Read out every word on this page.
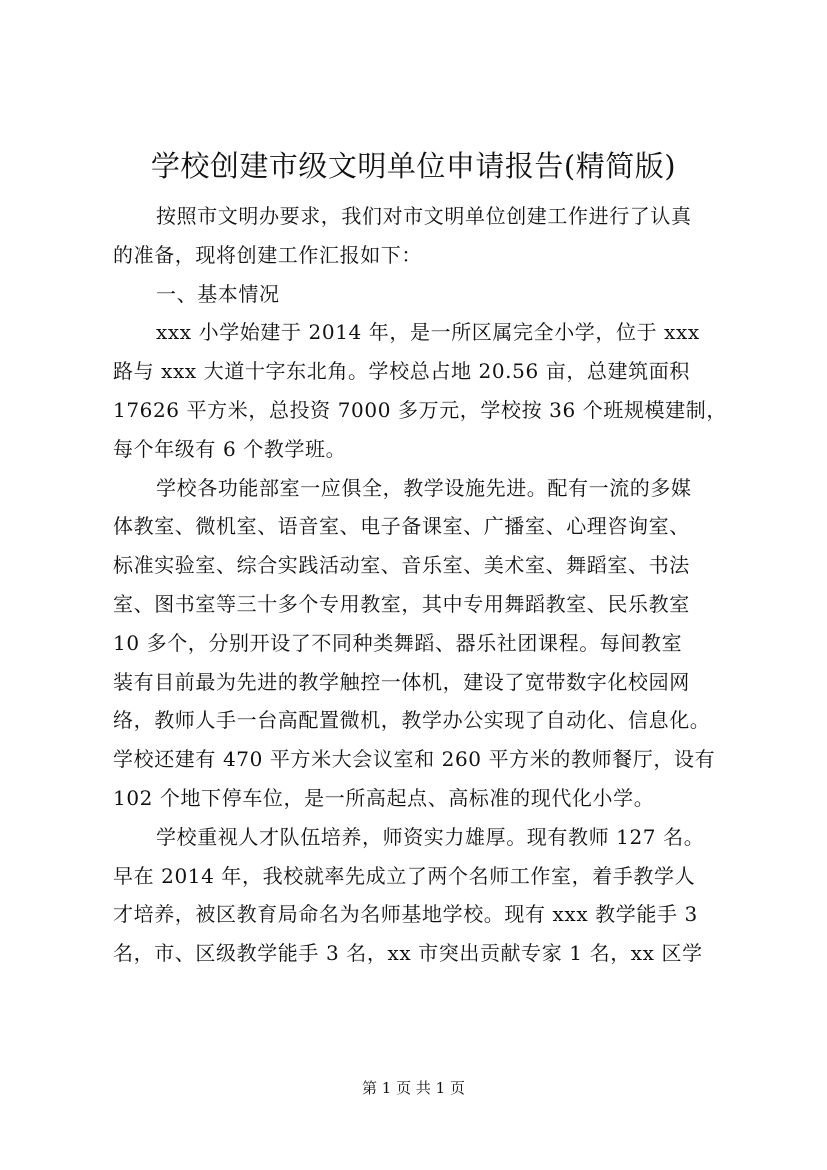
学校创建市级文明单位申请报告(精简版)
按照市文明办要求，我们对市文明单位创建工作进行了认真
的准备，现将创建工作汇报如下：
一、基本情况
xxx 小学始建于 2014 年，是一所区属完全小学，位于 xxx
路与 xxx 大道十字东北角。学校总占地 20.56 亩，总建筑面积
17626 平方米，总投资 7000 多万元，学校按 36 个班规模建制，
每个年级有 6 个教学班。
学校各功能部室一应俱全，教学设施先进。配有一流的多媒
体教室、微机室、语音室、电子备课室、广播室、心理咨询室、
标准实验室、综合实践活动室、音乐室、美术室、舞蹈室、书法
室、图书室等三十多个专用教室，其中专用舞蹈教室、民乐教室
10 多个，分别开设了不同种类舞蹈、器乐社团课程。每间教室
装有目前最为先进的教学触控一体机，建设了宽带数字化校园网
络，教师人手一台高配置微机，教学办公实现了自动化、信息化。
学校还建有 470 平方米大会议室和 260 平方米的教师餐厅，设有
102 个地下停车位，是一所高起点、高标准的现代化小学。
学校重视人才队伍培养，师资实力雄厚。现有教师 127 名。
早在 2014 年，我校就率先成立了两个名师工作室，着手教学人
才培养，被区教育局命名为名师基地学校。现有 xxx 教学能手 3
名，市、区级教学能手 3 名，xx 市突出贡献专家 1 名，xx 区学
第 1 页 共 1 页
